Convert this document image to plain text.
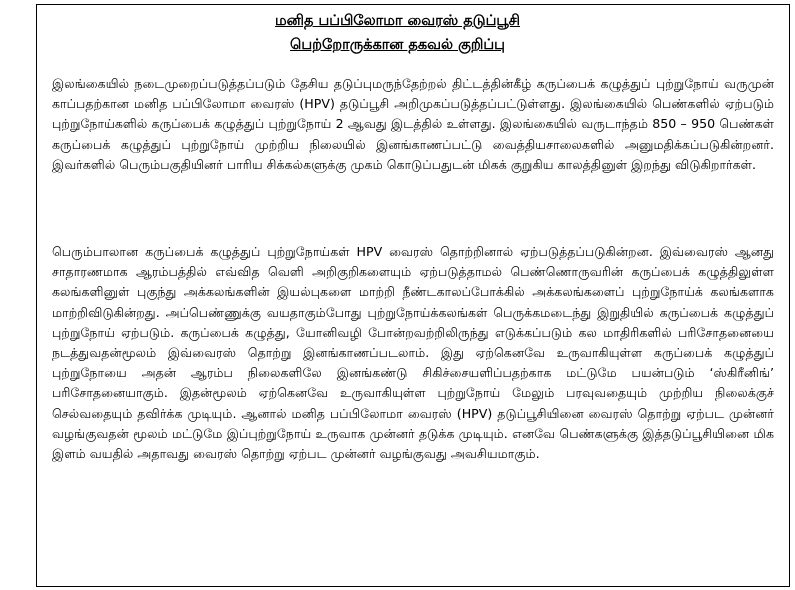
மனித பப்பிலோமா வைரஸ் தடுப்பூசி
பெற்றோருக்கான தகவல் குறிப்பு

இலங்கையில் நடைமுறைப்படுத்தப்படும் தேசிய தடுப்புமருந்தேற்றல் திட்டத்தின்கீழ் கருப்பைக் கழுத்துப் புற்றுநோய் வருமுன் காப்பதற்கான மனித பப்பிலோமா வைரஸ் (HPV) தடுப்பூசி அறிமுகப்படுத்தப்பட்டுள்ளது. இலங்கையில் பெண்களில் ஏற்படும் புற்றுநோய்களில் கருப்பைக் கழுத்துப் புற்றுநோய் 2 ஆவது இடத்தில் உள்ளது. இலங்கையில் வருடாந்தம் 850 – 950 பெண்கள் கருப்பைக் கழுத்துப் புற்றுநோய் முற்றிய நிலையில் இனங்காணப்பட்டு வைத்தியசாலைகளில் அனுமதிக்கப்படுகின்றனர். இவர்களில் பெரும்பகுதியினர் பாரிய சிக்கல்களுக்கு முகம் கொடுப்பதுடன் மிகக் குறுகிய காலத்தினுள் இறந்து விடுகிறார்கள்.

பெரும்பாலான கருப்பைக் கழுத்துப் புற்றுநோய்கள் HPV வைரஸ் தொற்றினால் ஏற்படுத்தப்படுகின்றன. இவ்வைரஸ் ஆனது சாதாரணமாக ஆரம்பத்தில் எவ்வித வெளி அறிகுறிகளையும் ஏற்படுத்தாமல் பெண்ணொருவரின் கருப்பைக் கழுத்திலுள்ள கலங்களினுள் புகுந்து அக்கலங்களின் இயல்புகளை மாற்றி நீண்டகாலப்போக்கில் அக்கலங்களைப் புற்றுநோய்க் கலங்களாக மாற்றிவிடுகின்றது. அப்பெண்ணுக்கு வயதாகும்போது புற்றுநோய்க்கலங்கள் பெருக்கமடைந்து இறுதியில் கருப்பைக் கழுத்துப் புற்றுநோய் ஏற்படும். கருப்பைக் கழுத்து, யோனிவழி போன்றவற்றிலிருந்து எடுக்கப்படும் கல மாதிரிகளில் பரிசோதனையை நடத்துவதன்மூலம் இவ்வைரஸ் தொற்று இனங்காணப்படலாம். இது ஏற்கெனவே உருவாகியுள்ள கருப்பைக் கழுத்துப் புற்றுநோயை அதன் ஆரம்ப நிலைகளிலே இனங்கண்டு சிகிச்சையளிப்பதற்காக மட்டுமே பயன்படும் ‘ஸ்கிரீனிங்’ பரிசோதனையாகும். இதன்மூலம் ஏற்கெனவே உருவாகியுள்ள புற்றுநோய் மேலும் பரவுவதையும் முற்றிய நிலைக்குச் செல்வதையும் தவிர்க்க முடியும். ஆனால் மனித பப்பிலோமா வைரஸ் (HPV) தடுப்பூசியினை வைரஸ் தொற்று ஏற்பட முன்னர் வழங்குவதன் மூலம் மட்டுமே இப்புற்றுநோய் உருவாக முன்னர் தடுக்க முடியும். எனவே பெண்களுக்கு இத்தடுப்பூசியினை மிக இளம் வயதில் அதாவது வைரஸ் தொற்று ஏற்பட முன்னர் வழங்குவது அவசியமாகும்.
